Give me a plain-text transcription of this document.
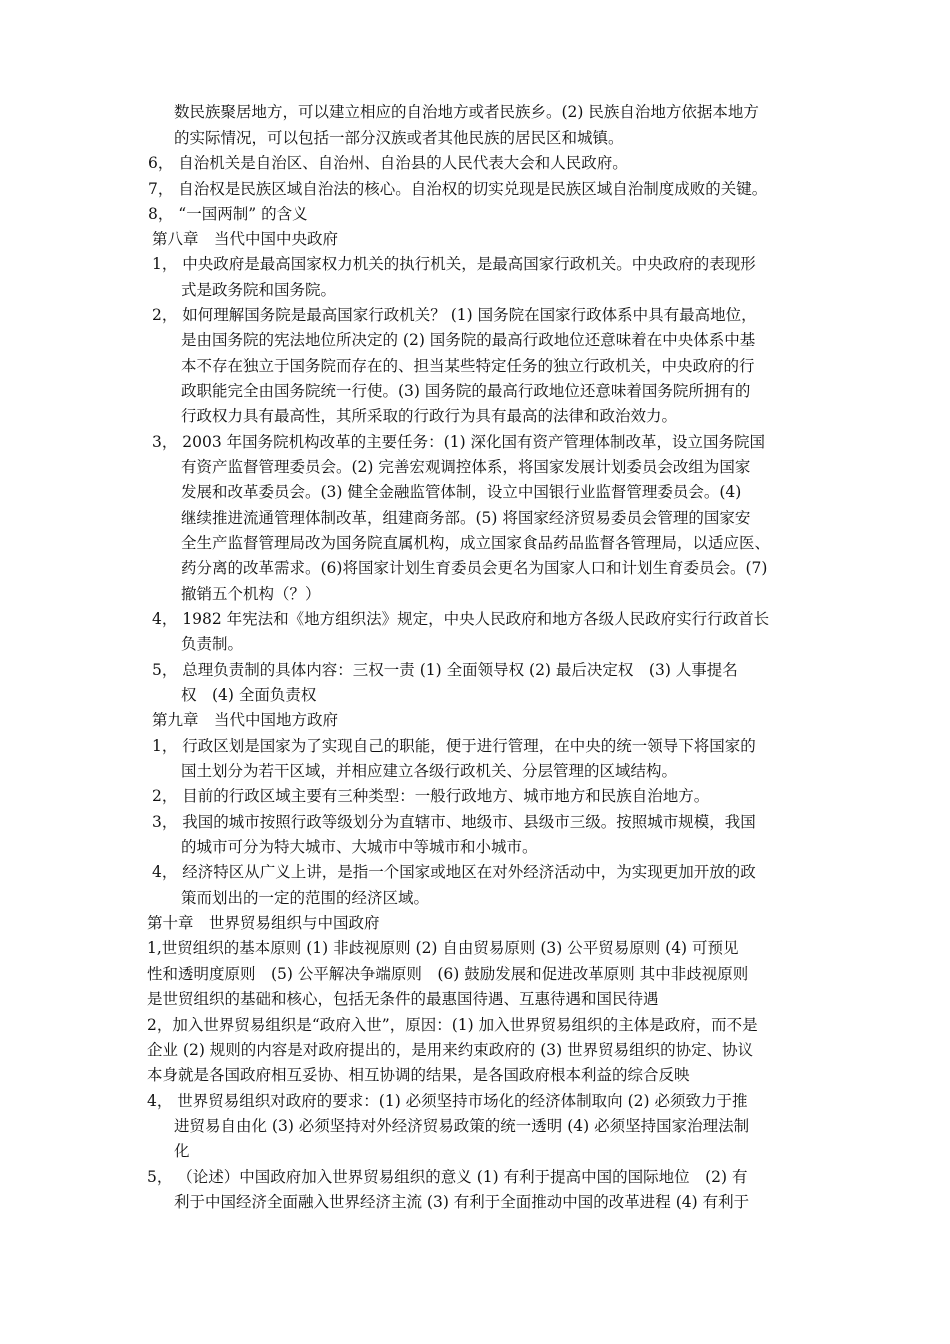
数民族聚居地方，可以建立相应的自治地方或者民族乡。(2) 民族自治地方依据本地方
的实际情况，可以包括一部分汉族或者其他民族的居民区和城镇。
6， 自治机关是自治区、自治州、自治县的人民代表大会和人民政府。
7， 自治权是民族区域自治法的核心。自治权的切实兑现是民族区域自治制度成败的关键。
8， “一国两制” 的含义
第八章　当代中国中央政府
1， 中央政府是最高国家权力机关的执行机关，是最高国家行政机关。中央政府的表现形
式是政务院和国务院。
2， 如何理解国务院是最高国家行政机关？ (1) 国务院在国家行政体系中具有最高地位，
是由国务院的宪法地位所决定的 (2) 国务院的最高行政地位还意味着在中央体系中基
本不存在独立于国务院而存在的、担当某些特定任务的独立行政机关，中央政府的行
政职能完全由国务院统一行使。(3) 国务院的最高行政地位还意味着国务院所拥有的
行政权力具有最高性，其所采取的行政行为具有最高的法律和政治效力。
3， 2003 年国务院机构改革的主要任务：(1) 深化国有资产管理体制改革，设立国务院国
有资产监督管理委员会。(2) 完善宏观调控体系，将国家发展计划委员会改组为国家
发展和改革委员会。(3) 健全金融监管体制，设立中国银行业监督管理委员会。(4)
继续推进流通管理体制改革，组建商务部。(5) 将国家经济贸易委员会管理的国家安
全生产监督管理局改为国务院直属机构，成立国家食品药品监督各管理局，以适应医、
药分离的改革需求。(6)将国家计划生育委员会更名为国家人口和计划生育委员会。(7)
撤销五个机构（？）
4， 1982 年宪法和《地方组织法》规定，中央人民政府和地方各级人民政府实行行政首长
负责制。
5， 总理负责制的具体内容：三权一责 (1) 全面领导权 (2) 最后决定权　(3) 人事提名
权　(4) 全面负责权
第九章　当代中国地方政府
1， 行政区划是国家为了实现自己的职能，便于进行管理，在中央的统一领导下将国家的
国土划分为若干区域，并相应建立各级行政机关、分层管理的区域结构。
2， 目前的行政区域主要有三种类型：一般行政地方、城市地方和民族自治地方。
3， 我国的城市按照行政等级划分为直辖市、地级市、县级市三级。按照城市规模，我国
的城市可分为特大城市、大城市中等城市和小城市。
4， 经济特区从广义上讲，是指一个国家或地区在对外经济活动中，为实现更加开放的政
策而划出的一定的范围的经济区域。
第十章　世界贸易组织与中国政府
1,世贸组织的基本原则 (1) 非歧视原则 (2) 自由贸易原则 (3) 公平贸易原则 (4) 可预见
性和透明度原则　(5) 公平解决争端原则　(6) 鼓励发展和促进改革原则 其中非歧视原则
是世贸组织的基础和核心，包括无条件的最惠国待遇、互惠待遇和国民待遇
2，加入世界贸易组织是“政府入世”，原因：(1) 加入世界贸易组织的主体是政府，而不是
企业 (2) 规则的内容是对政府提出的，是用来约束政府的 (3) 世界贸易组织的协定、协议
本身就是各国政府相互妥协、相互协调的结果，是各国政府根本利益的综合反映
4， 世界贸易组织对政府的要求：(1) 必须坚持市场化的经济体制取向 (2) 必须致力于推
进贸易自由化 (3) 必须坚持对外经济贸易政策的统一透明 (4) 必须坚持国家治理法制
化
5， （论述）中国政府加入世界贸易组织的意义 (1) 有利于提高中国的国际地位　(2) 有
利于中国经济全面融入世界经济主流 (3) 有利于全面推动中国的改革进程 (4) 有利于
